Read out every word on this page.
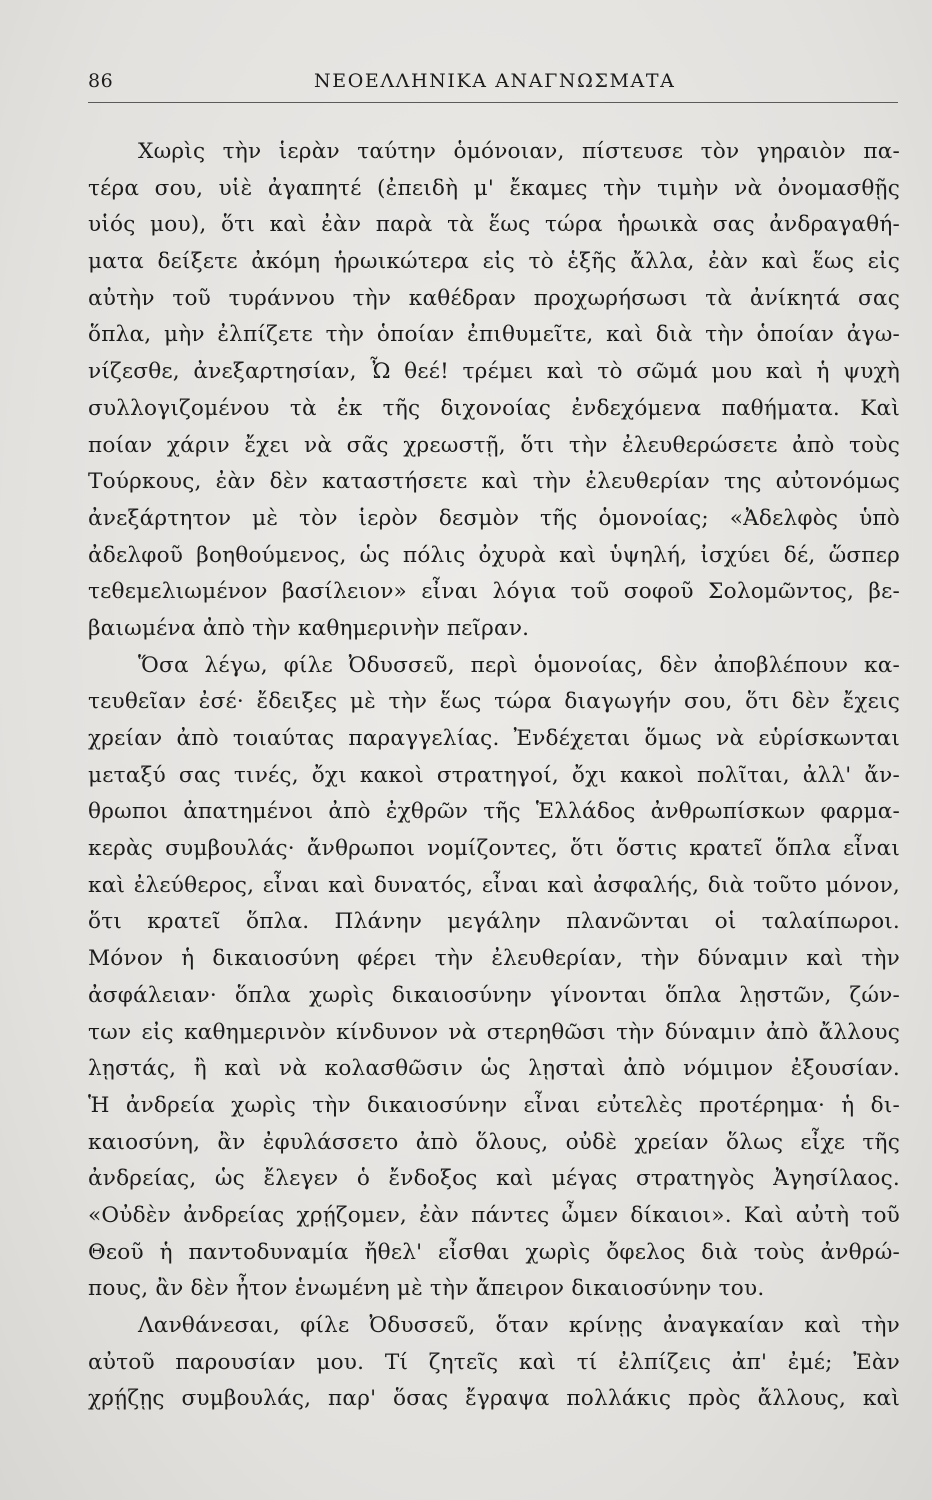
86	ΝΕΟΕΛΛΗΝΙΚΑ ΑΝΑΓΝΩΣΜΑΤΑ
Χωρὶς τὴν ἱερὰν ταύτην ὁμόνοιαν, πίστευσε τὸν γηραιὸν πα-
τέρα σου, υἱὲ ἀγαπητέ (ἐπειδὴ μ' ἔκαμες τὴν τιμὴν νὰ ὀνομασθῇς
υἱός μου), ὅτι καὶ ἐὰν παρὰ τὰ ἕως τώρα ἡρωικὰ σας ἀνδραγαθή-
ματα δείξετε ἀκόμη ἡρωικώτερα εἰς τὸ ἑξῆς ἄλλα, ἐὰν καὶ ἕως εἰς
αὐτὴν τοῦ τυράννου τὴν καθέδραν προχωρήσωσι τὰ ἀνίκητά σας
ὅπλα, μὴν ἐλπίζετε τὴν ὁποίαν ἐπιθυμεῖτε, καὶ διὰ τὴν ὁποίαν ἀγω-
νίζεσθε, ἀνεξαρτησίαν, Ὦ θεέ! τρέμει καὶ τὸ σῶμά μου καὶ ἡ ψυχὴ
συλλογιζομένου τὰ ἐκ τῆς διχονοίας ἐνδεχόμενα παθήματα. Καὶ
ποίαν χάριν ἔχει νὰ σᾶς χρεωστῇ, ὅτι τὴν ἐλευθερώσετε ἀπὸ τοὺς
Τούρκους, ἐὰν δὲν καταστήσετε καὶ τὴν ἐλευθερίαν της αὐτονόμως
ἀνεξάρτητον μὲ τὸν ἱερὸν δεσμὸν τῆς ὁμονοίας; «Ἀδελφὸς ὑπὸ
ἀδελφοῦ βοηθούμενος, ὡς πόλις ὀχυρὰ καὶ ὑψηλή, ἰσχύει δέ, ὥσπερ
τεθεμελιωμένον βασίλειον» εἶναι λόγια τοῦ σοφοῦ Σολομῶντος, βε-
βαιωμένα ἀπὸ τὴν καθημερινὴν πεῖραν.
Ὅσα λέγω, φίλε Ὀδυσσεῦ, περὶ ὁμονοίας, δὲν ἀποβλέπουν κα-
τευθεῖαν ἐσέ· ἔδειξες μὲ τὴν ἕως τώρα διαγωγήν σου, ὅτι δὲν ἔχεις
χρείαν ἀπὸ τοιαύτας παραγγελίας. Ἐνδέχεται ὅμως νὰ εὑρίσκωνται
μεταξύ σας τινές, ὄχι κακοὶ στρατηγοί, ὄχι κακοὶ πολῖται, ἀλλ' ἄν-
θρωποι ἀπατημένοι ἀπὸ ἐχθρῶν τῆς Ἑλλάδος ἀνθρωπίσκων φαρμα-
κερὰς συμβουλάς· ἄνθρωποι νομίζοντες, ὅτι ὅστις κρατεῖ ὅπλα εἶναι
καὶ ἐλεύθερος, εἶναι καὶ δυνατός, εἶναι καὶ ἀσφαλής, διὰ τοῦτο μόνον,
ὅτι κρατεῖ ὅπλα. Πλάνην μεγάλην πλανῶνται οἱ ταλαίπωροι.
Μόνον ἡ δικαιοσύνη φέρει τὴν ἐλευθερίαν, τὴν δύναμιν καὶ τὴν
ἀσφάλειαν· ὅπλα χωρὶς δικαιοσύνην γίνονται ὅπλα λῃστῶν, ζών-
των εἰς καθημερινὸν κίνδυνον νὰ στερηθῶσι τὴν δύναμιν ἀπὸ ἄλλους
λῃστάς, ἢ καὶ νὰ κολασθῶσιν ὡς λῃσταὶ ἀπὸ νόμιμον ἐξουσίαν.
Ἡ ἀνδρεία χωρὶς τὴν δικαιοσύνην εἶναι εὐτελὲς προτέρημα· ἡ δι-
καιοσύνη, ἂν ἐφυλάσσετο ἀπὸ ὅλους, οὐδὲ χρείαν ὅλως εἶχε τῆς
ἀνδρείας, ὡς ἔλεγεν ὁ ἔνδοξος καὶ μέγας στρατηγὸς Ἀγησίλαος.
«Οὐδὲν ἀνδρείας χρῄζομεν, ἐὰν πάντες ὦμεν δίκαιοι». Καὶ αὐτὴ τοῦ
Θεοῦ ἡ παντοδυναμία ἤθελ' εἶσθαι χωρὶς ὄφελος διὰ τοὺς ἀνθρώ-
πους, ἂν δὲν ἦτον ἑνωμένη μὲ τὴν ἄπειρον δικαιοσύνην του.
Λανθάνεσαι, φίλε Ὀδυσσεῦ, ὅταν κρίνῃς ἀναγκαίαν καὶ τὴν
αὐτοῦ παρουσίαν μου. Τί ζητεῖς καὶ τί ἐλπίζεις ἀπ' ἐμέ; Ἐὰν
χρῄζῃς συμβουλάς, παρ' ὅσας ἔγραψα πολλάκις πρὸς ἄλλους, καὶ
